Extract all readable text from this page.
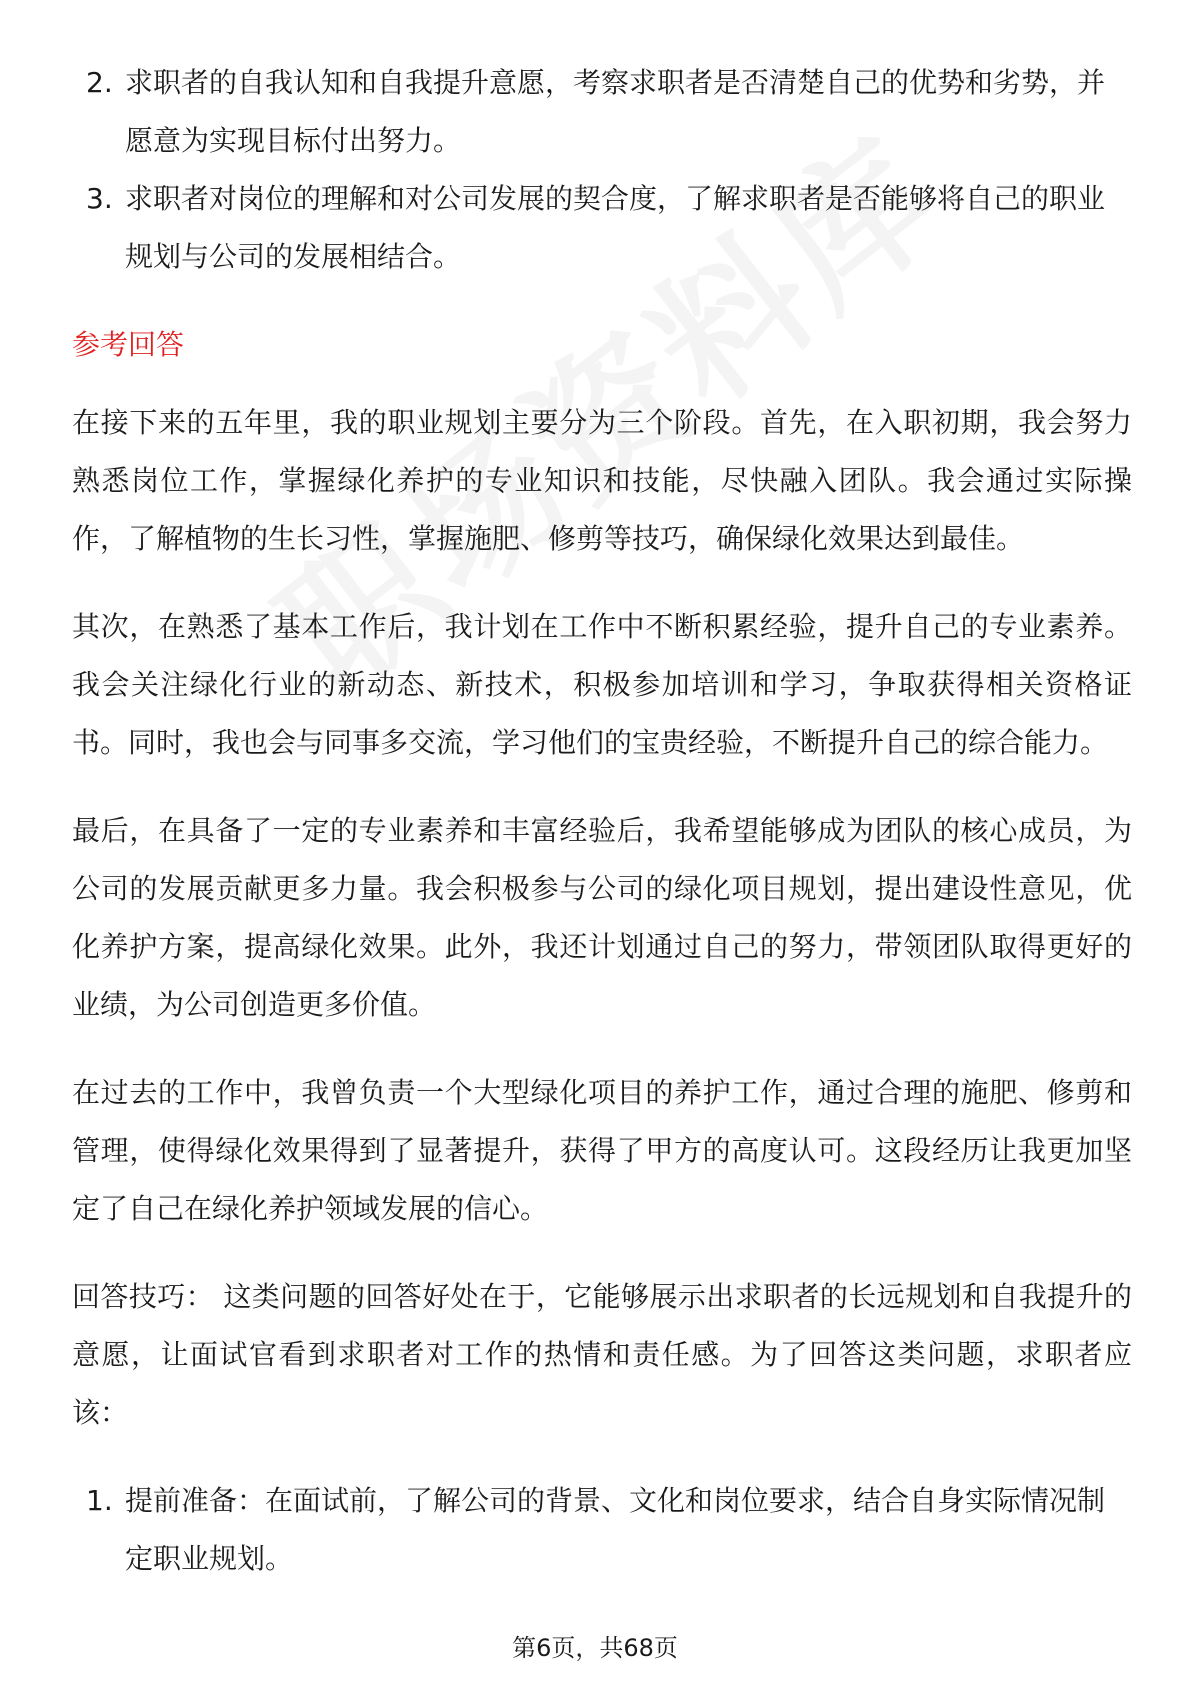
2. 求职者的自我认知和自我提升意愿，考察求职者是否清楚自己的优势和劣势，并愿意为实现目标付出努力。
3. 求职者对岗位的理解和对公司发展的契合度，了解求职者是否能够将自己的职业规划与公司的发展相结合。
参考回答

在接下来的五年里，我的职业规划主要分为三个阶段。首先，在入职初期，我会努力熟悉岗位工作，掌握绿化养护的专业知识和技能，尽快融入团队。我会通过实际操作，了解植物的生长习性，掌握施肥、修剪等技巧，确保绿化效果达到最佳。

其次，在熟悉了基本工作后，我计划在工作中不断积累经验，提升自己的专业素养。我会关注绿化行业的新动态、新技术，积极参加培训和学习，争取获得相关资格证书。同时，我也会与同事多交流，学习他们的宝贵经验，不断提升自己的综合能力。

最后，在具备了一定的专业素养和丰富经验后，我希望能够成为团队的核心成员，为公司的发展贡献更多力量。我会积极参与公司的绿化项目规划，提出建设性意见，优化养护方案，提高绿化效果。此外，我还计划通过自己的努力，带领团队取得更好的业绩，为公司创造更多价值。

在过去的工作中，我曾负责一个大型绿化项目的养护工作，通过合理的施肥、修剪和管理，使得绿化效果得到了显著提升，获得了甲方的高度认可。这段经历让我更加坚定了自己在绿化养护领域发展的信心。

回答技巧： 这类问题的回答好处在于，它能够展示出求职者的长远规划和自我提升的意愿，让面试官看到求职者对工作的热情和责任感。为了回答这类问题，求职者应该：

1. 提前准备：在面试前，了解公司的背景、文化和岗位要求，结合自身实际情况制定职业规划。
第6页，共68页
